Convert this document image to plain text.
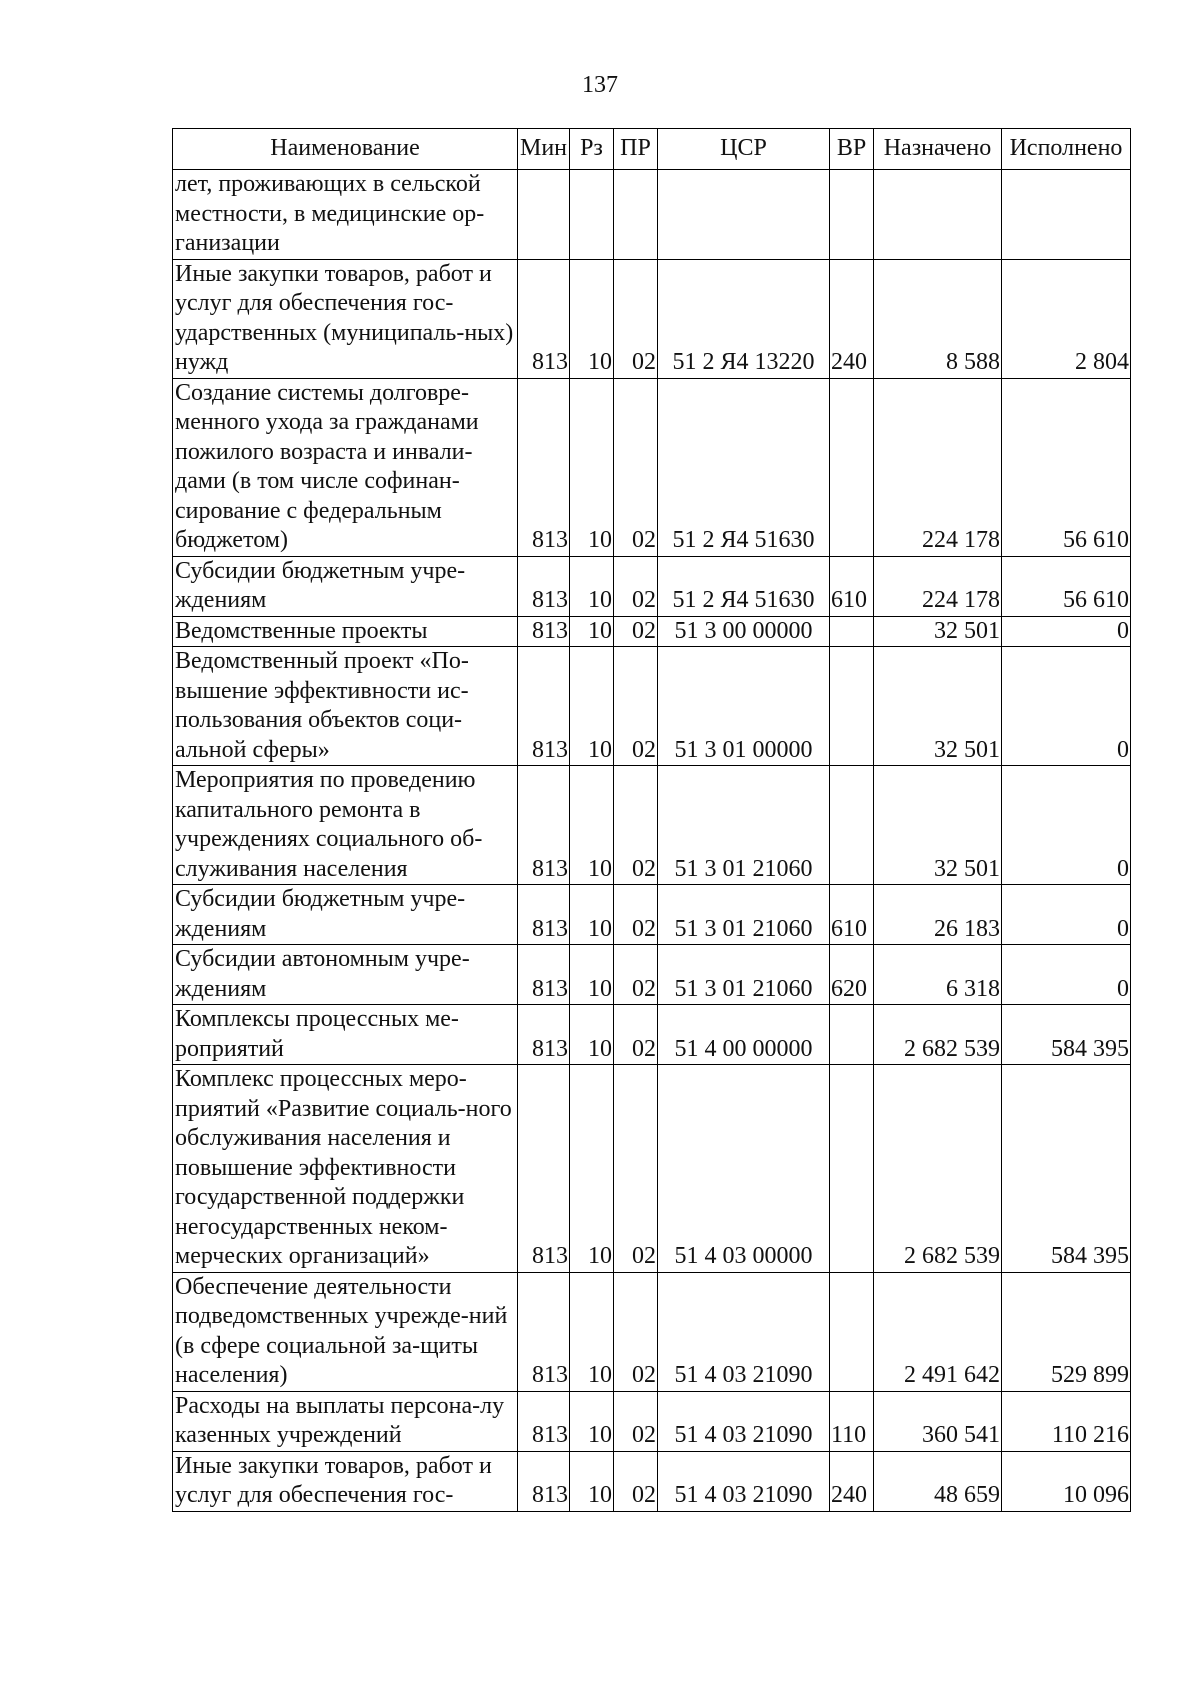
137
Наименование	Мин	Рз	ПР	ЦСР	ВР	Назначено	Исполнено
лет, проживающих в сельской местности, в медицинские ор-ганизации							
Иные закупки товаров, работ и услуг для обеспечения гос-ударственных (муниципаль-ных) нужд	813	10	02	51 2 Я4 13220	240	8 588	2 804
Создание системы долговре-менного ухода за гражданами пожилого возраста и инвали-дами (в том числе софинан-сирование с федеральным бюджетом)	813	10	02	51 2 Я4 51630		224 178	56 610
Субсидии бюджетным учре-ждениям	813	10	02	51 2 Я4 51630	610	224 178	56 610
Ведомственные проекты	813	10	02	51 3 00 00000		32 501	0
Ведомственный проект «По-вышение эффективности ис-пользования объектов соци-альной сферы»	813	10	02	51 3 01 00000		32 501	0
Мероприятия по проведению капитального ремонта в учреждениях социального об-служивания населения	813	10	02	51 3 01 21060		32 501	0
Субсидии бюджетным учре-ждениям	813	10	02	51 3 01 21060	610	26 183	0
Субсидии автономным учре-ждениям	813	10	02	51 3 01 21060	620	6 318	0
Комплексы процессных ме-роприятий	813	10	02	51 4 00 00000		2 682 539	584 395
Комплекс процессных меро-приятий «Развитие социаль-ного обслуживания населения и повышение эффективности государственной поддержки негосударственных неком-мерческих организаций»	813	10	02	51 4 03 00000		2 682 539	584 395
Обеспечение деятельности подведомственных учрежде-ний (в сфере социальной за-щиты населения)	813	10	02	51 4 03 21090		2 491 642	529 899
Расходы на выплаты персона-лу казенных учреждений	813	10	02	51 4 03 21090	110	360 541	110 216
Иные закупки товаров, работ и услуг для обеспечения гос-	813	10	02	51 4 03 21090	240	48 659	10 096
